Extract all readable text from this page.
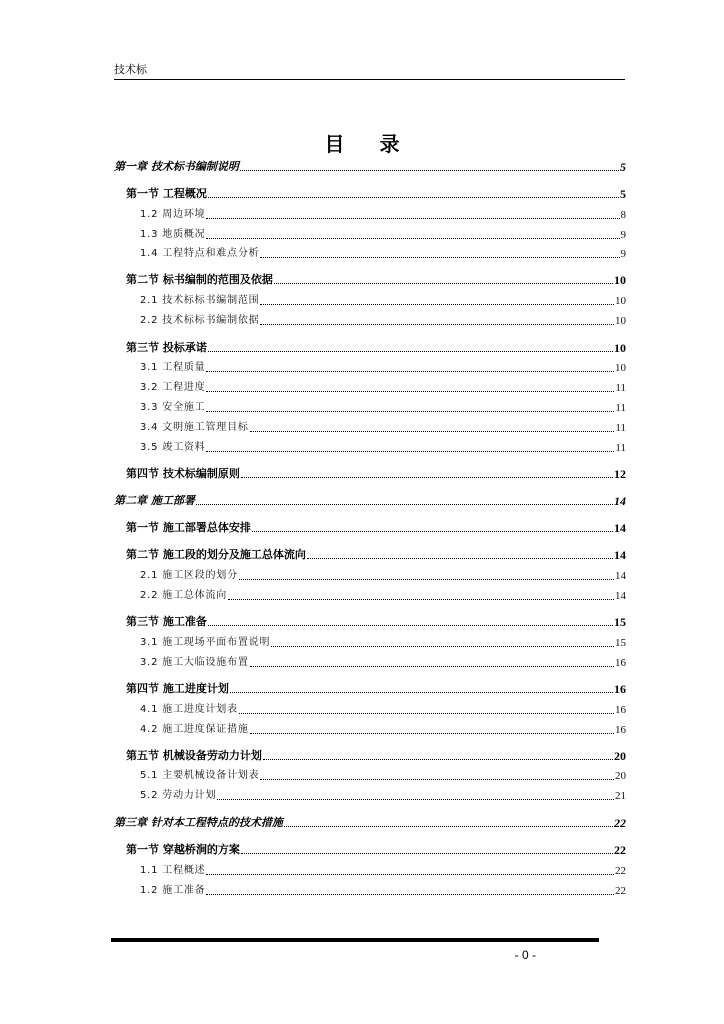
技术标
目 录
第一章 技术标书编制说明	5
第一节 工程概况	5
1.2 周边环境	8
1.3 地质概况	9
1.4 工程特点和难点分析	9
第二节 标书编制的范围及依据	10
2.1 技术标标书编制范围	10
2.2 技术标标书编制依据	10
第三节 投标承诺	10
3.1 工程质量	10
3.2 工程进度	11
3.3 安全施工	11
3.4 文明施工管理目标	11
3.5 竣工资料	11
第四节 技术标编制原则	12
第二章 施工部署	14
第一节 施工部署总体安排	14
第二节 施工段的划分及施工总体流向	14
2.1 施工区段的划分	14
2.2 施工总体流向	14
第三节 施工准备	15
3.1 施工现场平面布置说明	15
3.2 施工大临设施布置	16
第四节 施工进度计划	16
4.1 施工进度计划表	16
4.2 施工进度保证措施	16
第五节 机械设备劳动力计划	20
5.1 主要机械设备计划表	20
5.2 劳动力计划	21
第三章 针对本工程特点的技术措施	22
第一节 穿越桥涧的方案	22
1.1 工程概述	22
1.2 施工准备	22
- 0 -
